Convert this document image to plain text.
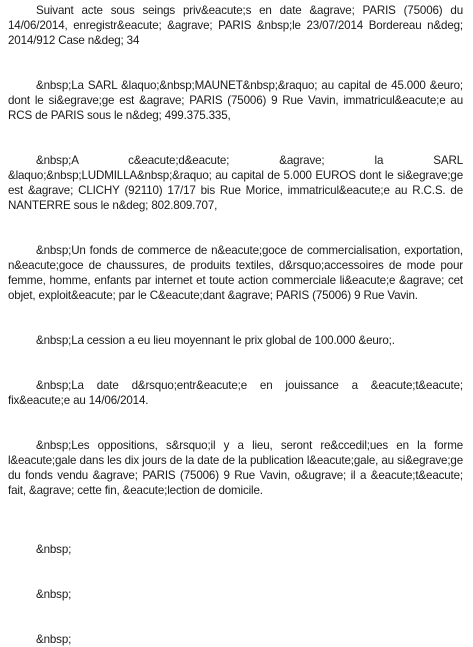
Suivant acte sous seings priv&eacute;s en date &agrave; PARIS (75006) du 14/06/2014, enregistr&eacute; &agrave; PARIS &nbsp;le 23/07/2014 Bordereau n&deg; 2014/912 Case n&deg; 34

&nbsp;La SARL &laquo;&nbsp;MAUNET&nbsp;&raquo; au capital de 45.000 &euro; dont le si&egrave;ge est &agrave; PARIS (75006) 9 Rue Vavin, immatricul&eacute;e au RCS de PARIS sous le n&deg; 499.375.335,

&nbsp;A c&eacute;d&eacute; &agrave; la SARL &laquo;&nbsp;LUDMILLA&nbsp;&raquo; au capital de 5.000 EUROS dont le si&egrave;ge est &agrave; CLICHY (92110) 17/17 bis Rue Morice, immatricul&eacute;e au R.C.S. de NANTERRE sous le n&deg; 802.809.707,

&nbsp;Un fonds de commerce de n&eacute;goce de commercialisation, exportation, n&eacute;goce de chaussures, de produits textiles, d&rsquo;accessoires de mode pour femme, homme, enfants par internet et toute action commerciale li&eacute;e &agrave; cet objet, exploit&eacute; par le C&eacute;dant &agrave; PARIS (75006) 9 Rue Vavin.

&nbsp;La cession a eu lieu moyennant le prix global de 100.000 &euro;.

&nbsp;La date d&rsquo;entr&eacute;e en jouissance a &eacute;t&eacute; fix&eacute;e au 14/06/2014.

&nbsp;Les oppositions, s&rsquo;il y a lieu, seront re&ccedil;ues en la forme l&eacute;gale dans les dix jours de la date de la publication l&eacute;gale, au si&egrave;ge du fonds vendu &agrave; PARIS (75006) 9 Rue Vavin, o&ugrave; il a &eacute;t&eacute; fait, &agrave; cette fin, &eacute;lection de domicile.

&nbsp;

&nbsp;

&nbsp;
